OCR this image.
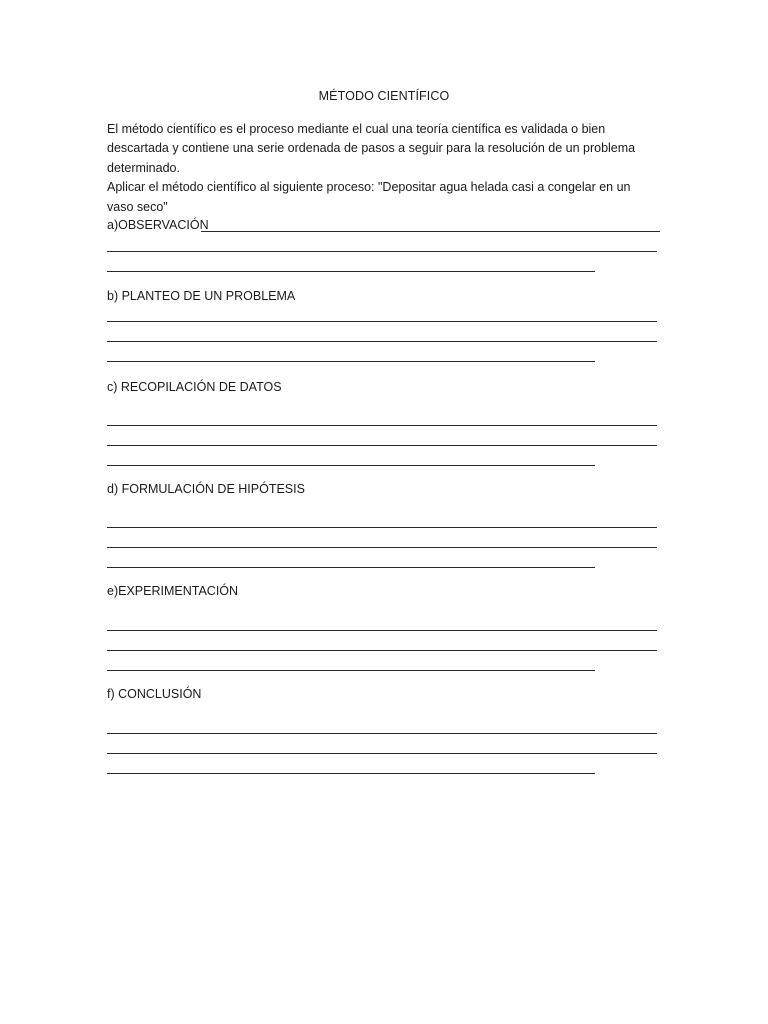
MÉTODO CIENTÍFICO

El método científico es el proceso mediante el cual una teoría científica es validada o bien descartada y contiene una serie ordenada de pasos a seguir para la resolución de un problema determinado.

Aplicar el método científico al siguiente proceso: "Depositar agua helada casi a congelar en un vaso seco"

a)OBSERVACIÓN
b) PLANTEO DE UN PROBLEMA
c) RECOPILACIÓN DE DATOS
d) FORMULACIÓN DE HIPÓTESIS
e)EXPERIMENTACIÓN
f) CONCLUSIÓN
